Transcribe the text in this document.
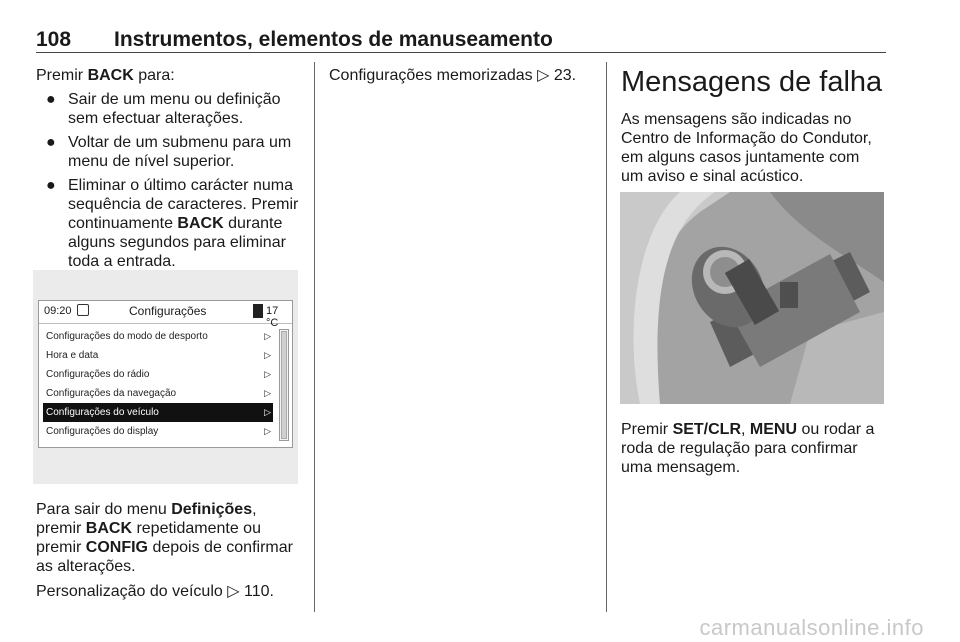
108 Instrumentos, elementos de manuseamento

Premir BACK para:

● Sair de um menu ou definição sem efectuar alterações.
● Voltar de um submenu para um menu de nível superior.
● Eliminar o último carácter numa sequência de caracteres. Premir continuamente BACK durante alguns segundos para eliminar toda a entrada.
09:20	Configurações	17 °C
Configurações do modo de desporto	▷
Hora e data	▷
Configurações do rádio	▷
Configurações da navegação	▷
Configurações do veículo	▷
Configurações do display	▷

Para sair do menu Definições, premir BACK repetidamente ou premir CONFIG depois de confirmar as alterações.

Personalização do veículo ▷ 110.

Configurações memorizadas ▷ 23.	Mensagens de falha

As mensagens são indicadas no Centro de Informação do Condutor, em alguns casos juntamente com um aviso e sinal acústico.

Premir SET/CLR, MENU ou rodar a roda de regulação para confirmar uma mensagem.

carmanualsonline.info
